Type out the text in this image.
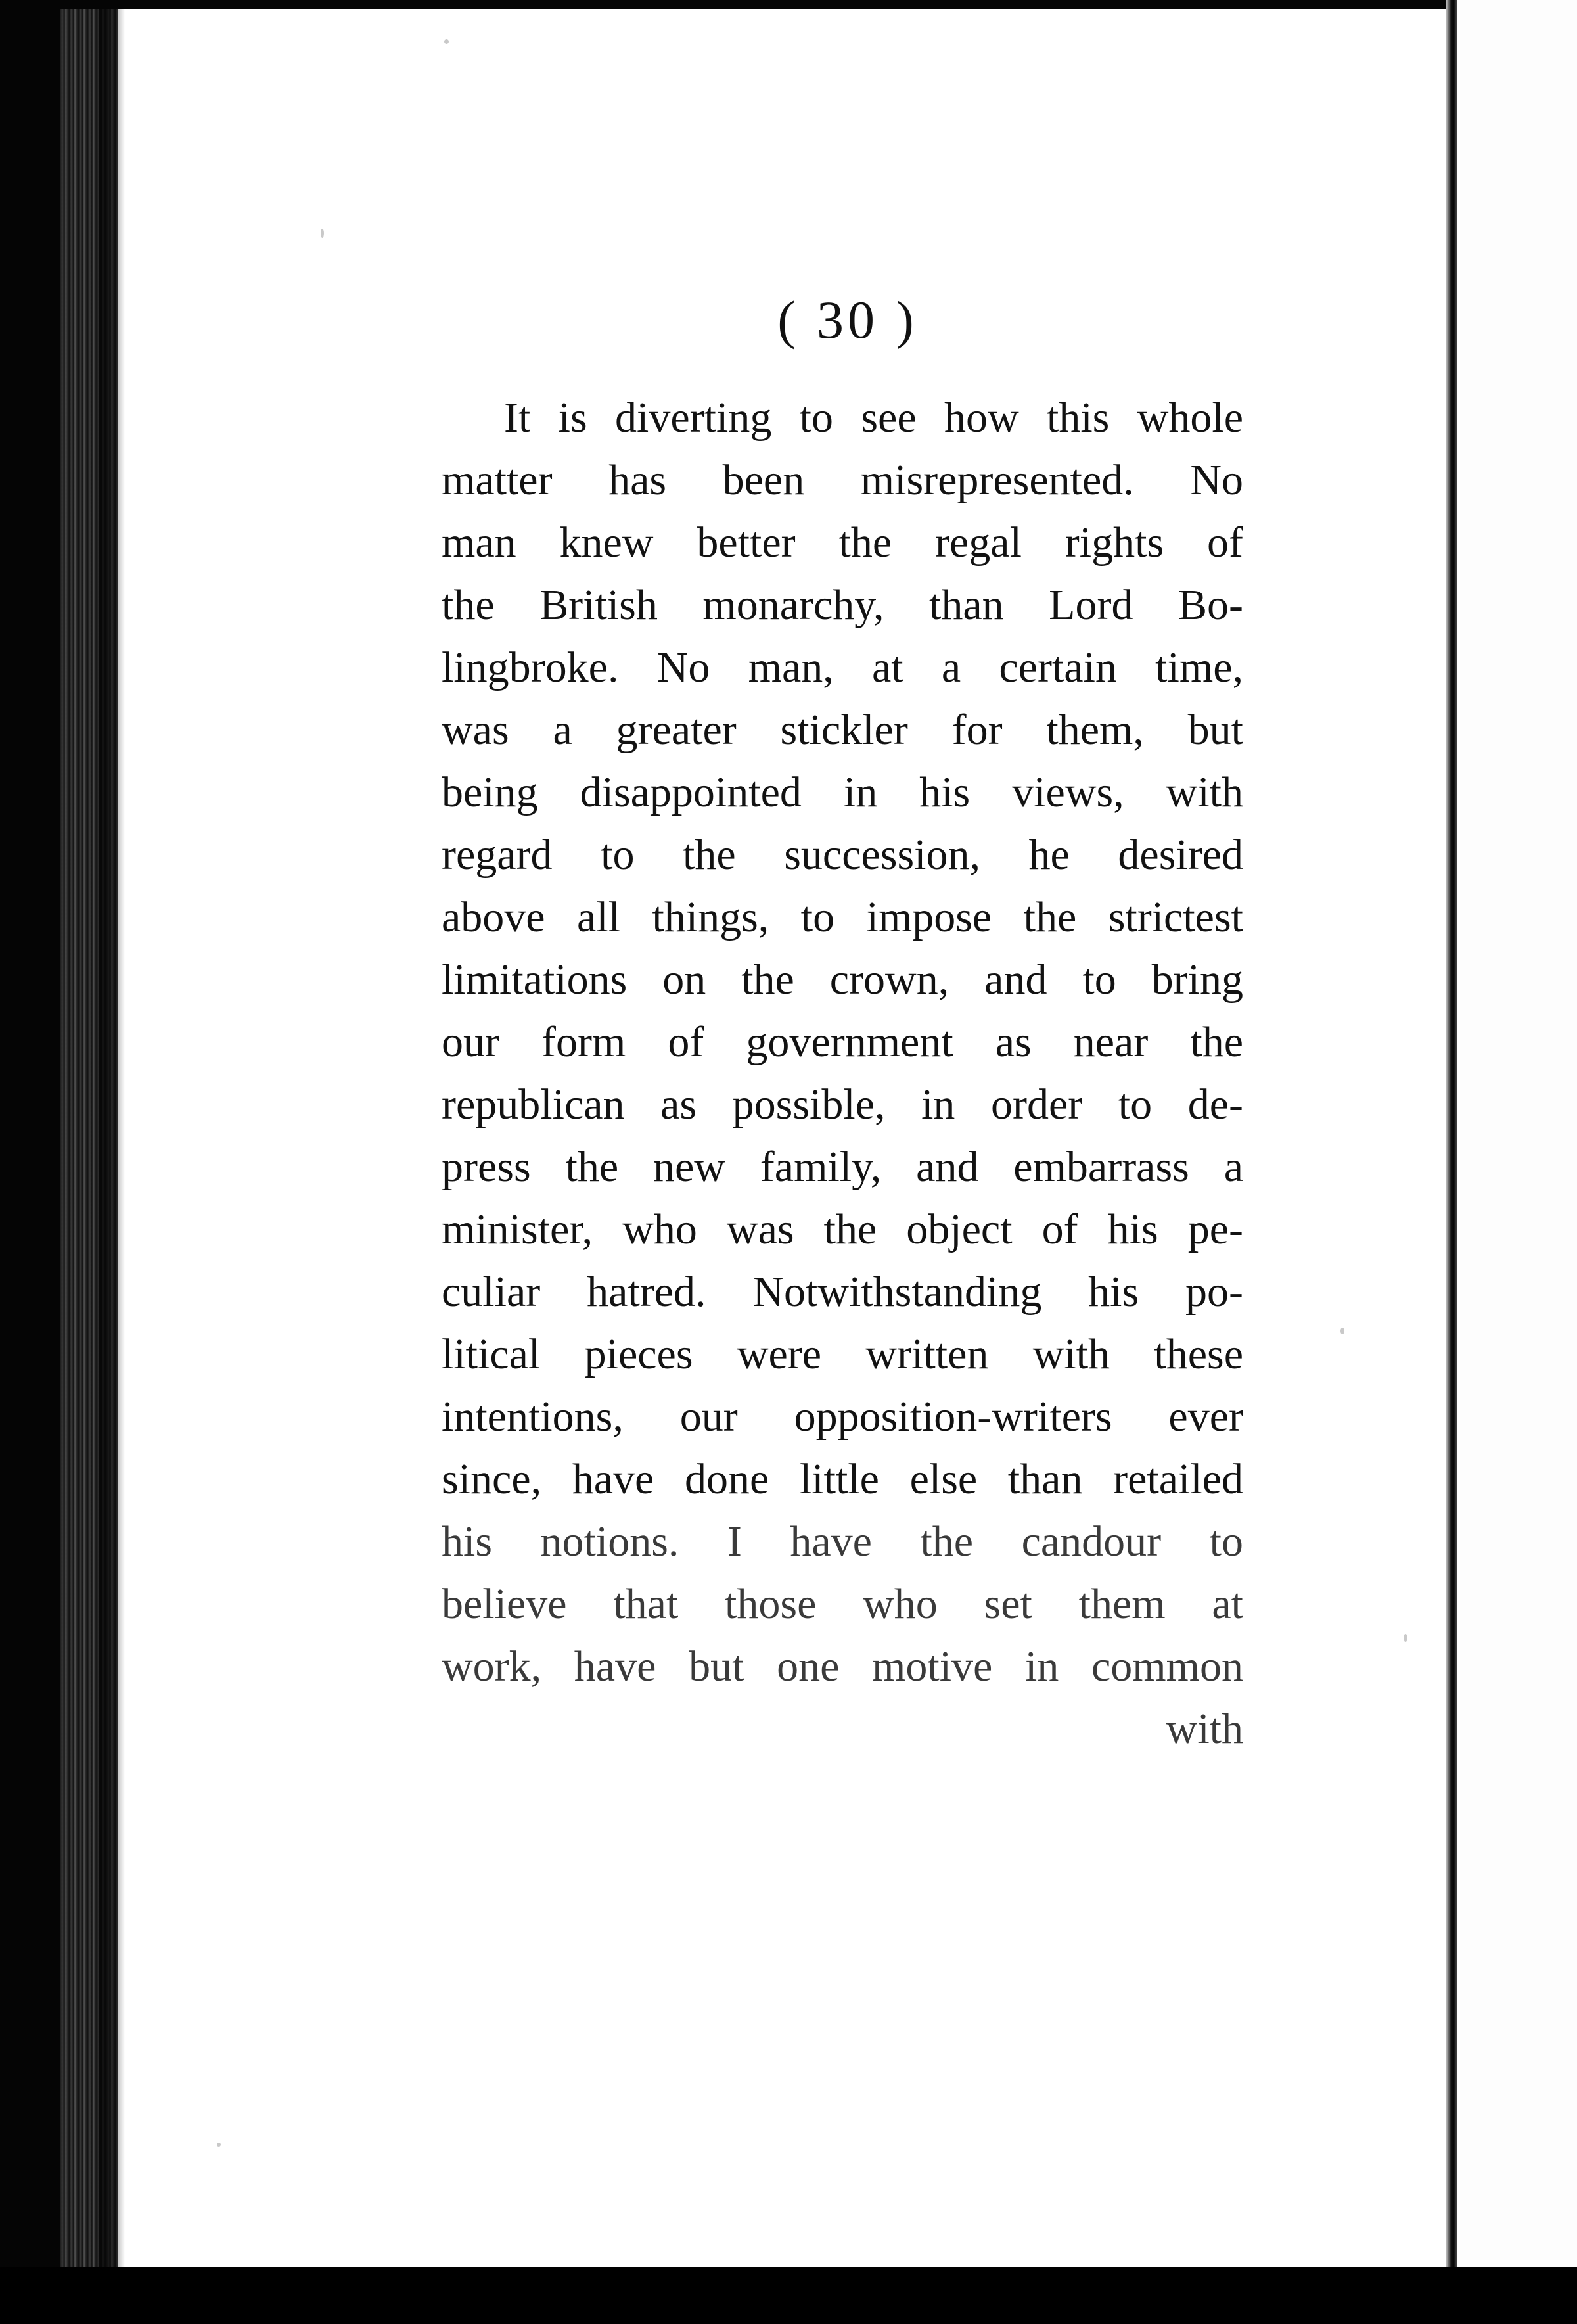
( 30 )
It is diverting to see how this whole
matter has been misrepresented. No
man knew better the regal rights of
the British monarchy, than Lord Bo-
lingbroke. No man, at a certain time,
was a greater stickler for them, but
being disappointed in his views, with
regard to the succession, he desired
above all things, to impose the strictest
limitations on the crown, and to bring
our form of government as near the
republican as possible, in order to de-
press the new family, and embarrass a
minister, who was the object of his pe-
culiar hatred. Notwithstanding his po-
litical pieces were written with these
intentions, our opposition-writers ever
since, have done little else than retailed
his notions. I have the candour to
believe that those who set them at
work, have but one motive in common
with
